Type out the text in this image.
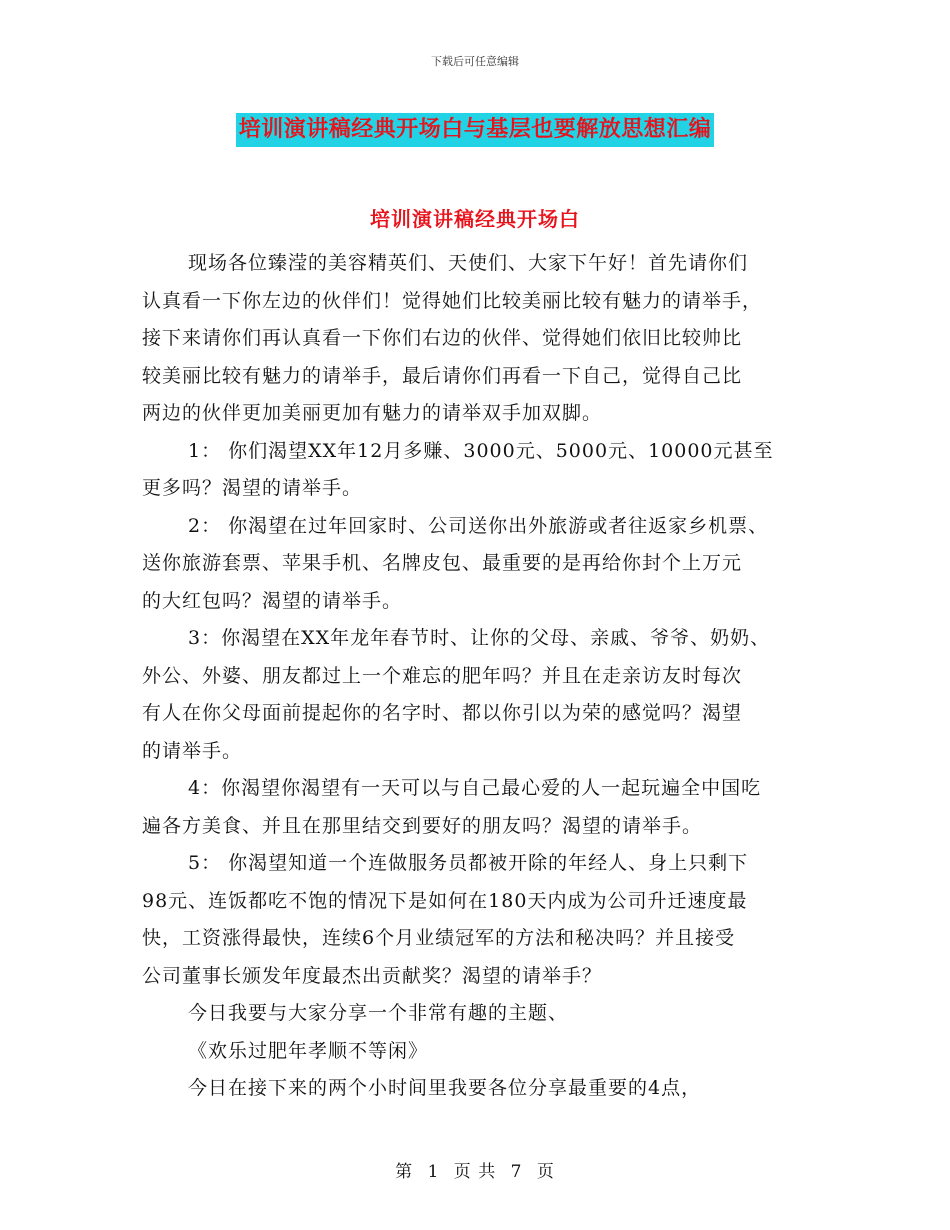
下载后可任意编辑
培训演讲稿经典开场白与基层也要解放思想汇编
培训演讲稿经典开场白

现场各位臻滢的美容精英们、天使们、大家下午好！首先请你们

认真看一下你左边的伙伴们！觉得她们比较美丽比较有魅力的请举手，

接下来请你们再认真看一下你们右边的伙伴、觉得她们依旧比较帅比

较美丽比较有魅力的请举手，最后请你们再看一下自己，觉得自己比

两边的伙伴更加美丽更加有魅力的请举双手加双脚。

1： 你们渴望XX年12月多赚、3000元、5000元、10000元甚至

更多吗？渴望的请举手。

2： 你渴望在过年回家时、公司送你出外旅游或者往返家乡机票、

送你旅游套票、苹果手机、名牌皮包、最重要的是再给你封个上万元

的大红包吗？渴望的请举手。

3：你渴望在XX年龙年春节时、让你的父母、亲戚、爷爷、奶奶、

外公、外婆、朋友都过上一个难忘的肥年吗？并且在走亲访友时每次

有人在你父母面前提起你的名字时、都以你引以为荣的感觉吗？渴望

的请举手。

4：你渴望你渴望有一天可以与自己最心爱的人一起玩遍全中国吃

遍各方美食、并且在那里结交到要好的朋友吗？渴望的请举手。

5： 你渴望知道一个连做服务员都被开除的年经人、身上只剩下

98元、连饭都吃不饱的情况下是如何在180天内成为公司升迁速度最

快，工资涨得最快，连续6个月业绩冠军的方法和秘决吗？并且接受

公司董事长颁发年度最杰出贡献奖？渴望的请举手？

今日我要与大家分享一个非常有趣的主题、

《欢乐过肥年孝顺不等闲》

今日在接下来的两个小时间里我要各位分享最重要的4点，

第 1 页 共 7 页
